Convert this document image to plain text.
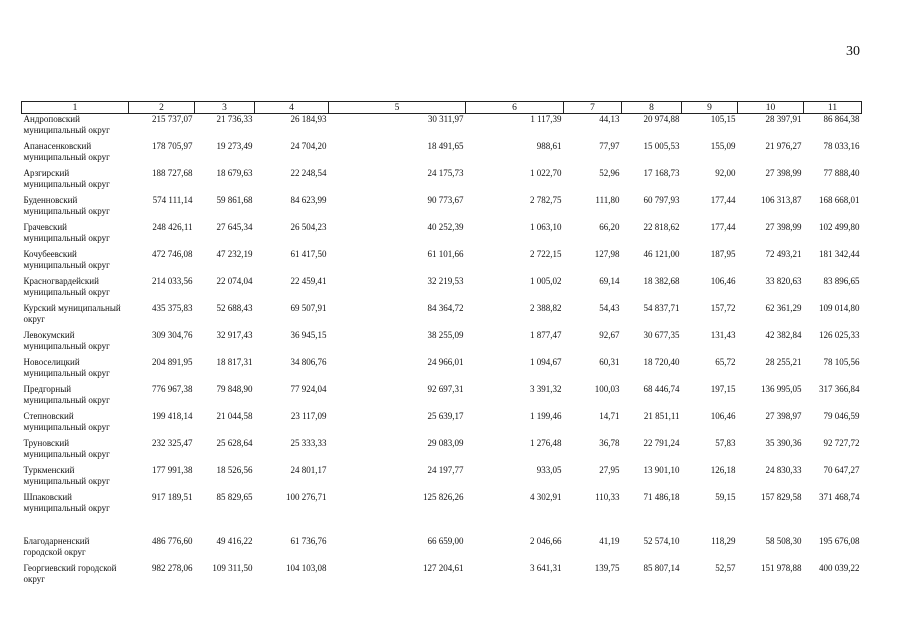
30
1	2	3	4	5	6	7	8	9	10	11
Андроповский муниципальный округ	215 737,07	21 736,33	26 184,93	30 311,97	1 117,39	44,13	20 974,88	105,15	28 397,91	86 864,38
Апанасенковский муниципальный округ	178 705,97	19 273,49	24 704,20	18 491,65	988,61	77,97	15 005,53	155,09	21 976,27	78 033,16
Арзгирский муниципальный округ	188 727,68	18 679,63	22 248,54	24 175,73	1 022,70	52,96	17 168,73	92,00	27 398,99	77 888,40
Буденновский муниципальный округ	574 111,14	59 861,68	84 623,99	90 773,67	2 782,75	111,80	60 797,93	177,44	106 313,87	168 668,01
Грачевский муниципальный округ	248 426,11	27 645,34	26 504,23	40 252,39	1 063,10	66,20	22 818,62	177,44	27 398,99	102 499,80
Кочубеевский муниципальный округ	472 746,08	47 232,19	61 417,50	61 101,66	2 722,15	127,98	46 121,00	187,95	72 493,21	181 342,44
Красногвардейский муниципальный округ	214 033,56	22 074,04	22 459,41	32 219,53	1 005,02	69,14	18 382,68	106,46	33 820,63	83 896,65
Курский муниципальный округ	435 375,83	52 688,43	69 507,91	84 364,72	2 388,82	54,43	54 837,71	157,72	62 361,29	109 014,80
Левокумский муниципальный округ	309 304,76	32 917,43	36 945,15	38 255,09	1 877,47	92,67	30 677,35	131,43	42 382,84	126 025,33
Новоселицкий муниципальный округ	204 891,95	18 817,31	34 806,76	24 966,01	1 094,67	60,31	18 720,40	65,72	28 255,21	78 105,56
Предгорный муниципальный округ	776 967,38	79 848,90	77 924,04	92 697,31	3 391,32	100,03	68 446,74	197,15	136 995,05	317 366,84
Степновский муниципальный округ	199 418,14	21 044,58	23 117,09	25 639,17	1 199,46	14,71	21 851,11	106,46	27 398,97	79 046,59
Труновский муниципальный округ	232 325,47	25 628,64	25 333,33	29 083,09	1 276,48	36,78	22 791,24	57,83	35 390,36	92 727,72
Туркменский муниципальный округ	177 991,38	18 526,56	24 801,17	24 197,77	933,05	27,95	13 901,10	126,18	24 830,33	70 647,27
Шпаковский муниципальный округ	917 189,51	85 829,65	100 276,71	125 826,26	4 302,91	110,33	71 486,18	59,15	157 829,58	371 468,74

Благодарненский городской округ	486 776,60	49 416,22	61 736,76	66 659,00	2 046,66	41,19	52 574,10	118,29	58 508,30	195 676,08
Георгиевский городской округ	982 278,06	109 311,50	104 103,08	127 204,61	3 641,31	139,75	85 807,14	52,57	151 978,88	400 039,22
